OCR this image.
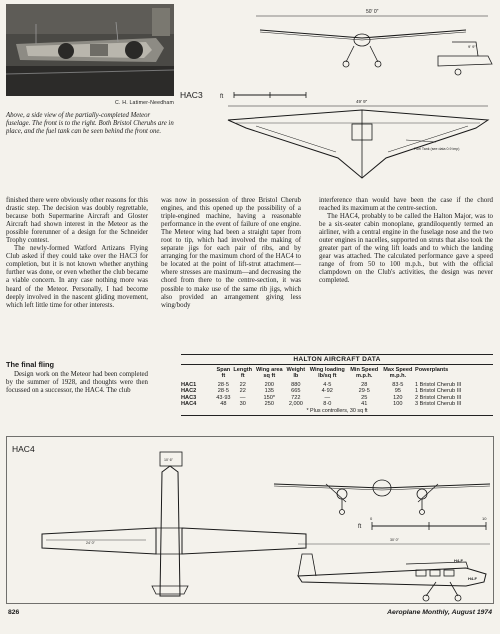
C. H. Latimer-Needham
Above, a side view of the partially-completed Meteor fuselage. The front is to the right. Both Bristol Cherubs are in place, and the fuel tank can be seen behind the front one.
50' 0"
9' 9"
HAC3	ft
49' 9"
Fuel Tank (see data 0.9 imp)

finished there were obviously other reasons for this drastic step. The decision was doubly regrettable, because both Supermarine Aircraft and Gloster Aircraft had shown interest in the Meteor as the possible forerunner of a design for the Schneider Trophy contest.

The newly-formed Watford Artizans Flying Club asked if they could take over the HAC3 for completion, but it is not known whether anything further was done, or even whether the club became a viable concern. In any case nothing more was heard of the Meteor. Personally, I had become deeply involved in the nascent gliding movement, which left little time for other interests.

The final fling

Design work on the Meteor had been completed by the summer of 1928, and thoughts were then focussed on a successor, the HAC4. The club

was now in possession of three Bristol Cherub engines, and this opened up the possibility of a triple-engined machine, having a reasonable performance in the event of failure of one engine. The Meteor wing had been a straight taper from root to tip, which had involved the making of separate jigs for each pair of ribs, and by arranging for the maximum chord of the HAC4 to be located at the point of lift-strut attachment—where stresses are maximum—and decreasing the chord from there to the centre-section, it was possible to make use of the same rib jigs, which also provided an arrangement giving less wing/body

interference than would have been the case if the chord reached its maximum at the centre-section.

The HAC4, probably to be called the Halton Major, was to be a six-seater cabin monoplane, grandiloquently termed an airliner, with a central engine in the fuselage nose and the two outer engines in nacelles, supported on struts that also took the greater part of the wing lift loads and to which the landing gear was attached. The calculated performance gave a speed range of from 50 to 100 m.p.h., but with the official clampdown on the Club's activities, the design was never completed.

HALTON AIRCRAFT DATA
	Span	Length	Wing area	Weight	Wing loading	Min Speed	Max Speed	Powerplants
	ft	ft	sq ft	lb	lb/sq ft	m.p.h.	m.p.h.	
HAC1	28·5	22	200	880	4·5	28	83·5	1 Bristol Cherub III
HAC2	28·5	22	135	665	4·92	29·5	95	1 Bristol Cherub III
HAC3	43·93	—	150*	722	—	25	120	2 Bristol Cherub III
HAC4	48	30	250	2,000	8·0	41	100	3 Bristol Cherub III
* Plus controllers, 30 sq ft
HAC4
10' 6"
24' 0"
ft
0	10
30' 0"
H4-F
H4-F
826	Aeroplane Monthly, August 1974
